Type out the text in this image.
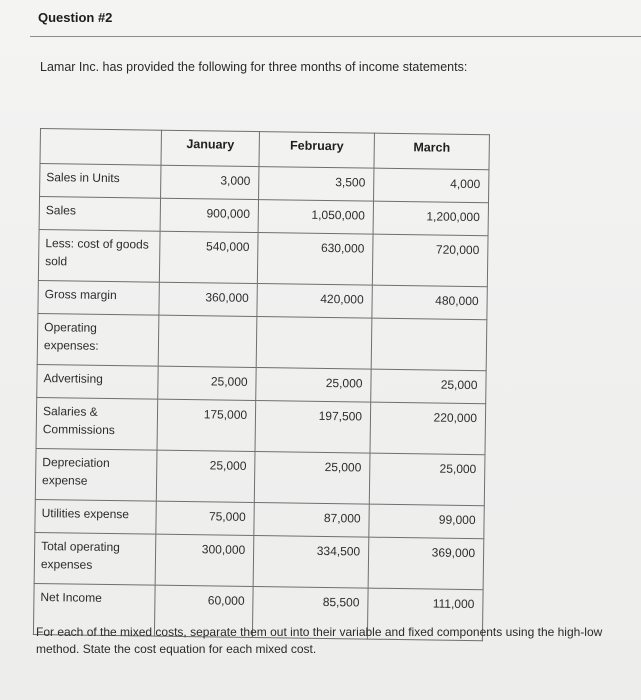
Question #2
Lamar Inc. has provided the following for three months of income statements:
	January	February	March
Sales in Units	3,000	3,500	4,000
Sales	900,000	1,050,000	1,200,000
Less: cost of goods sold	540,000	630,000	720,000
Gross margin	360,000	420,000	480,000
Operating expenses:			
Advertising	25,000	25,000	25,000
Salaries & Commissions	175,000	197,500	220,000
Depreciation expense	25,000	25,000	25,000
Utilities expense	75,000	87,000	99,000
Total operating expenses	300,000	334,500	369,000
Net Income	60,000	85,500	111,000
For each of the mixed costs, separate them out into their variable and fixed components using the high-low method. State the cost equation for each mixed cost.
